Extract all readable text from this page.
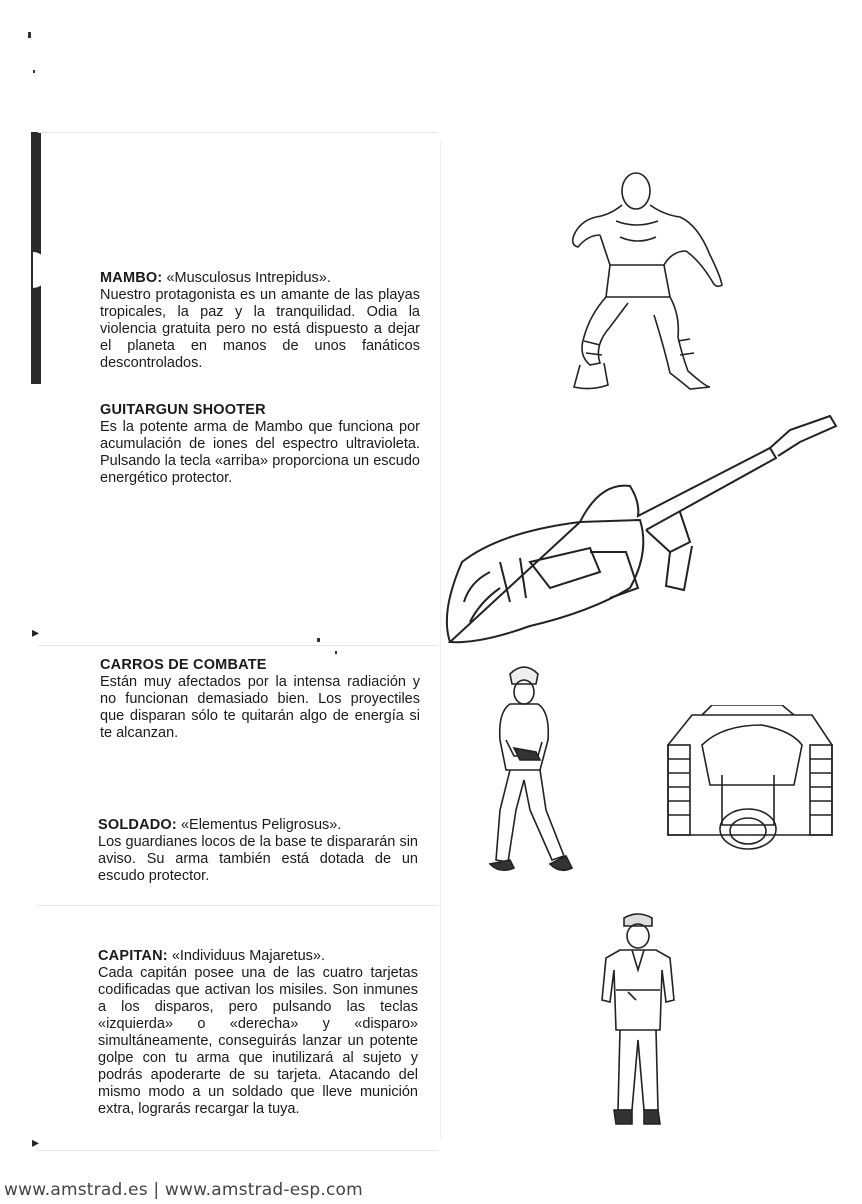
▸
▸
MAMBO: «Musculosus Intrepidus».
Nuestro protagonista es un amante de las playas tropicales, la paz y la tranquilidad. Odia la violencia gratuita pero no está dispuesto a dejar el planeta en manos de unos fanáticos descontrolados.
GUITARGUN SHOOTER
Es la potente arma de Mambo que funciona por acumulación de iones del espectro ultravioleta. Pulsando la tecla «arriba» proporciona un escudo energético protector.
CARROS DE COMBATE
Están muy afectados por la intensa radiación y no funcionan demasiado bien. Los proyectiles que disparan sólo te quitarán algo de energía si te alcanzan.
SOLDADO: «Elementus Peligrosus».
Los guardianes locos de la base te dispararán sin aviso. Su arma también está dotada de un escudo protector.
CAPITAN: «Individuus Majaretus».
Cada capitán posee una de las cuatro tarjetas codificadas que activan los misiles. Son inmunes a los disparos, pero pulsando las teclas «izquierda» o «derecha» y «disparo» simultáneamente, conseguirás lanzar un potente golpe con tu arma que inutilizará al sujeto y podrás apoderarte de su tarjeta. Atacando del mismo modo a un soldado que lleve munición extra, lograrás recargar la tuya.
www.amstrad.es | www.amstrad-esp.com
